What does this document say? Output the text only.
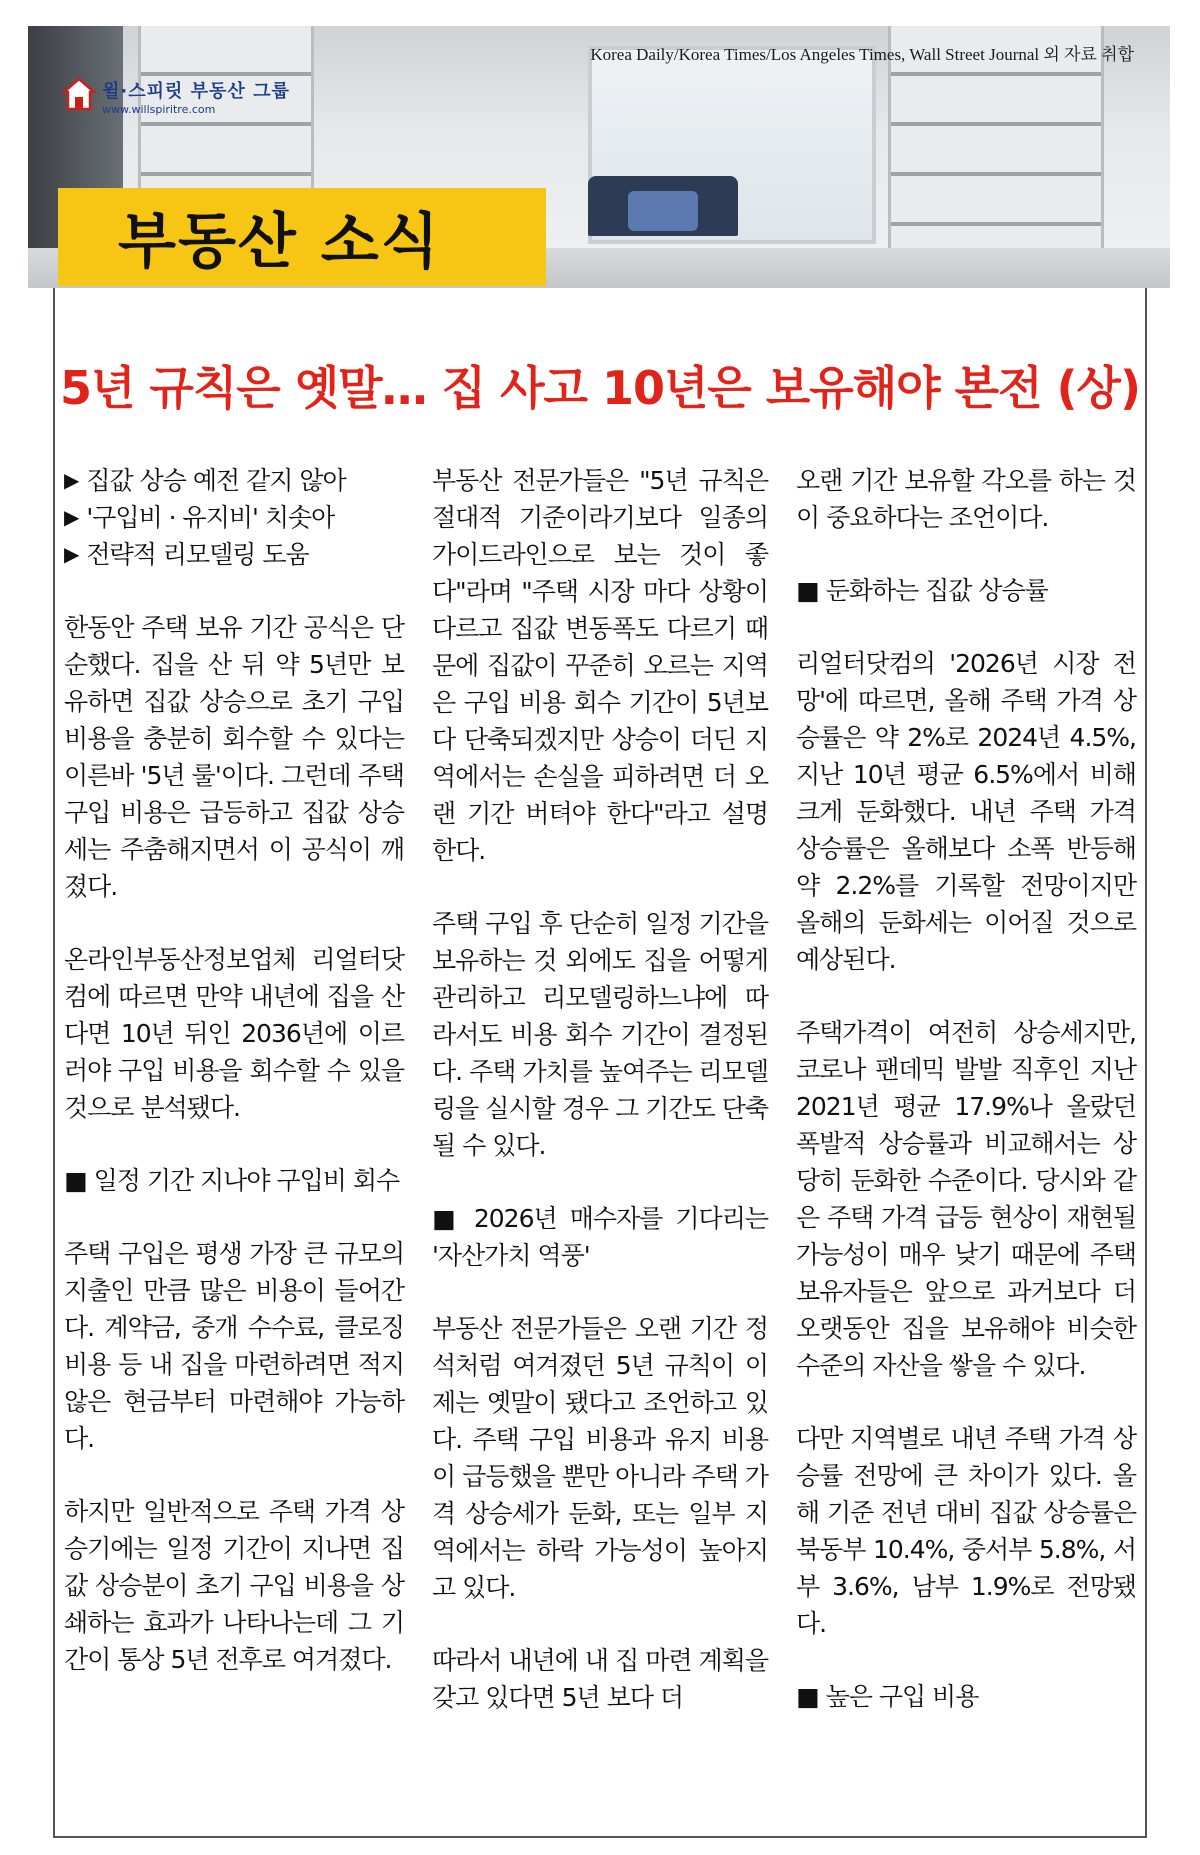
Korea Daily/Korea Times/Los Angeles Times, Wall Street Journal 외 자료 취합
윌·스피릿 부동산 그룹
www.willspiritre.com
부동산 소식
5년 규칙은 옛말… 집 사고 10년은 보유해야 본전 (상)
▶ 집값 상승 예전 같지 않아
▶ '구입비 · 유지비' 치솟아
▶ 전략적 리모델링 도움

한동안 주택 보유 기간 공식은 단순했다. 집을 산 뒤 약 5년만 보유하면 집값 상승으로 초기 구입 비용을 충분히 회수할 수 있다는 이른바 '5년 룰'이다. 그런데 주택 구입 비용은 급등하고 집값 상승세는 주춤해지면서 이 공식이 깨졌다.

온라인부동산정보업체 리얼터닷컴에 따르면 만약 내년에 집을 산다면 10년 뒤인 2036년에 이르러야 구입 비용을 회수할 수 있을 것으로 분석됐다.

■ 일정 기간 지나야 구입비 회수

주택 구입은 평생 가장 큰 규모의 지출인 만큼 많은 비용이 들어간다. 계약금, 중개 수수료, 클로징 비용 등 내 집을 마련하려면 적지 않은 현금부터 마련해야 가능하다.

하지만 일반적으로 주택 가격 상승기에는 일정 기간이 지나면 집값 상승분이 초기 구입 비용을 상쇄하는 효과가 나타나는데 그 기간이 통상 5년 전후로 여겨졌다.

부동산 전문가들은 "5년 규칙은 절대적 기준이라기보다 일종의 가이드라인으로 보는 것이 좋다"라며 "주택 시장 마다 상황이 다르고 집값 변동폭도 다르기 때문에 집값이 꾸준히 오르는 지역은 구입 비용 회수 기간이 5년보다 단축되겠지만 상승이 더딘 지역에서는 손실을 피하려면 더 오랜 기간 버텨야 한다"라고 설명한다.

주택 구입 후 단순히 일정 기간을 보유하는 것 외에도 집을 어떻게 관리하고 리모델링하느냐에 따라서도 비용 회수 기간이 결정된다. 주택 가치를 높여주는 리모델링을 실시할 경우 그 기간도 단축될 수 있다.

■ 2026년 매수자를 기다리는 '자산가치 역풍'

부동산 전문가들은 오랜 기간 정석처럼 여겨졌던 5년 규칙이 이제는 옛말이 됐다고 조언하고 있다. 주택 구입 비용과 유지 비용이 급등했을 뿐만 아니라 주택 가격 상승세가 둔화, 또는 일부 지역에서는 하락 가능성이 높아지고 있다.

따라서 내년에 내 집 마련 계획을 갖고 있다면 5년 보다 더

오랜 기간 보유할 각오를 하는 것이 중요하다는 조언이다.

■ 둔화하는 집값 상승률

리얼터닷컴의 '2026년 시장 전망'에 따르면, 올해 주택 가격 상승률은 약 2%로 2024년 4.5%, 지난 10년 평균 6.5%에서 비해 크게 둔화했다. 내년 주택 가격 상승률은 올해보다 소폭 반등해 약 2.2%를 기록할 전망이지만 올해의 둔화세는 이어질 것으로 예상된다.

주택가격이 여전히 상승세지만, 코로나 팬데믹 발발 직후인 지난 2021년 평균 17.9%나 올랐던 폭발적 상승률과 비교해서는 상당히 둔화한 수준이다. 당시와 같은 주택 가격 급등 현상이 재현될 가능성이 매우 낮기 때문에 주택 보유자들은 앞으로 과거보다 더 오랫동안 집을 보유해야 비슷한 수준의 자산을 쌓을 수 있다.

다만 지역별로 내년 주택 가격 상승률 전망에 큰 차이가 있다. 올해 기준 전년 대비 집값 상승률은 북동부 10.4%, 중서부 5.8%, 서부 3.6%, 남부 1.9%로 전망됐다.

■ 높은 구입 비용
